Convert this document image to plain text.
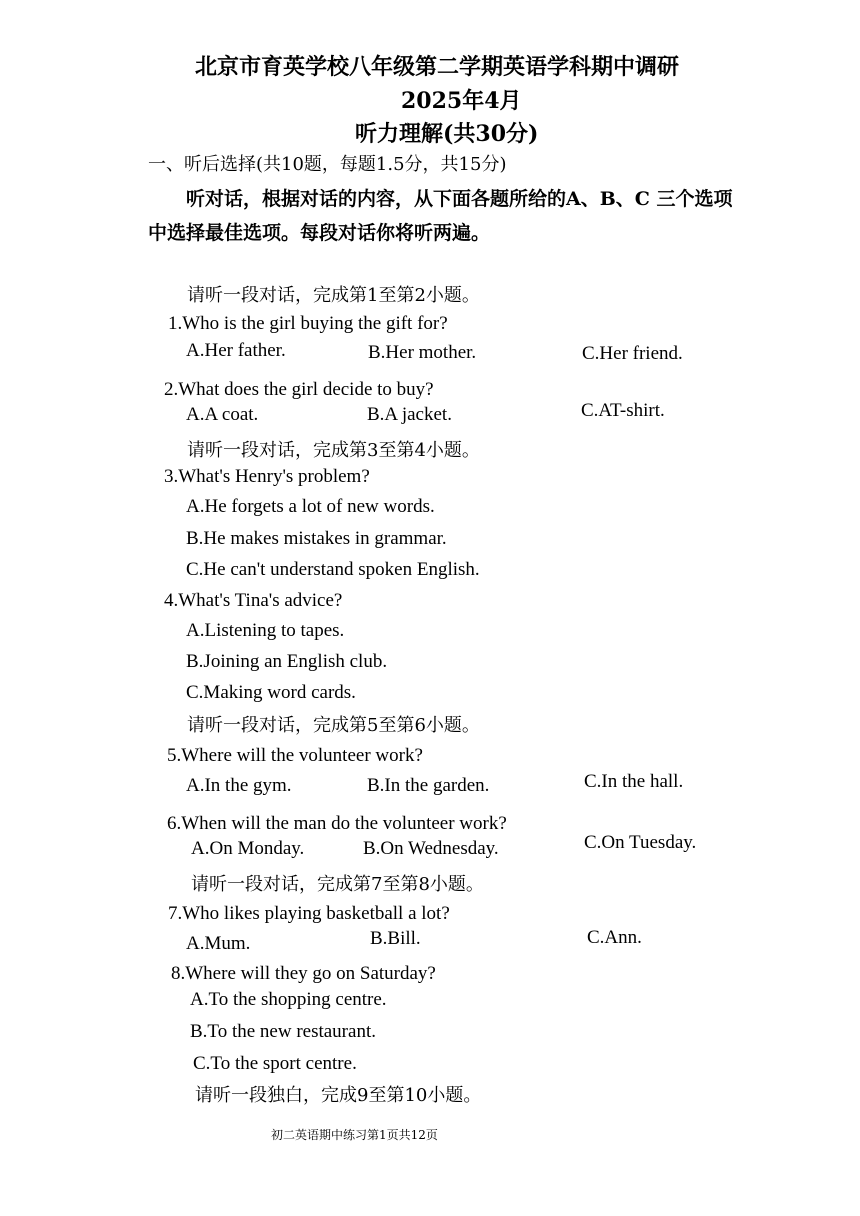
北京市育英学校八年级第二学期英语学科期中调研
2025年4月
听力理解(共30分)
一、听后选择(共10题，每题1.5分，共15分)
听对话，根据对话的内容，从下面各题所给的A、B、C 三个选项
中选择最佳选项。每段对话你将听两遍。
请听一段对话，完成第1至第2小题。
1.Who is the girl buying the gift for?
A.Her father.	B.Her mother.	C.Her friend.
2.What does the girl decide to buy?
A.A coat.	B.A jacket.	C.AT-shirt.
请听一段对话，完成第3至第4小题。
3.What's Henry's problem?
A.He forgets a lot of new words.
B.He makes mistakes in grammar.
C.He can't understand spoken English.
4.What's Tina's advice?
A.Listening to tapes.
B.Joining an English club.
C.Making word cards.
请听一段对话，完成第5至第6小题。
5.Where will the volunteer work?
A.In the gym.	B.In the garden.	C.In the hall.
6.When will the man do the volunteer work?
A.On Monday.	B.On Wednesday.	C.On Tuesday.
请听一段对话，完成第7至第8小题。
7.Who likes playing basketball a lot?
A.Mum.	B.Bill.	C.Ann.
8.Where will they go on Saturday?
A.To the shopping centre.
B.To the new restaurant.
C.To the sport centre.
请听一段独白，完成9至第10小题。
初二英语期中练习第1页共12页
